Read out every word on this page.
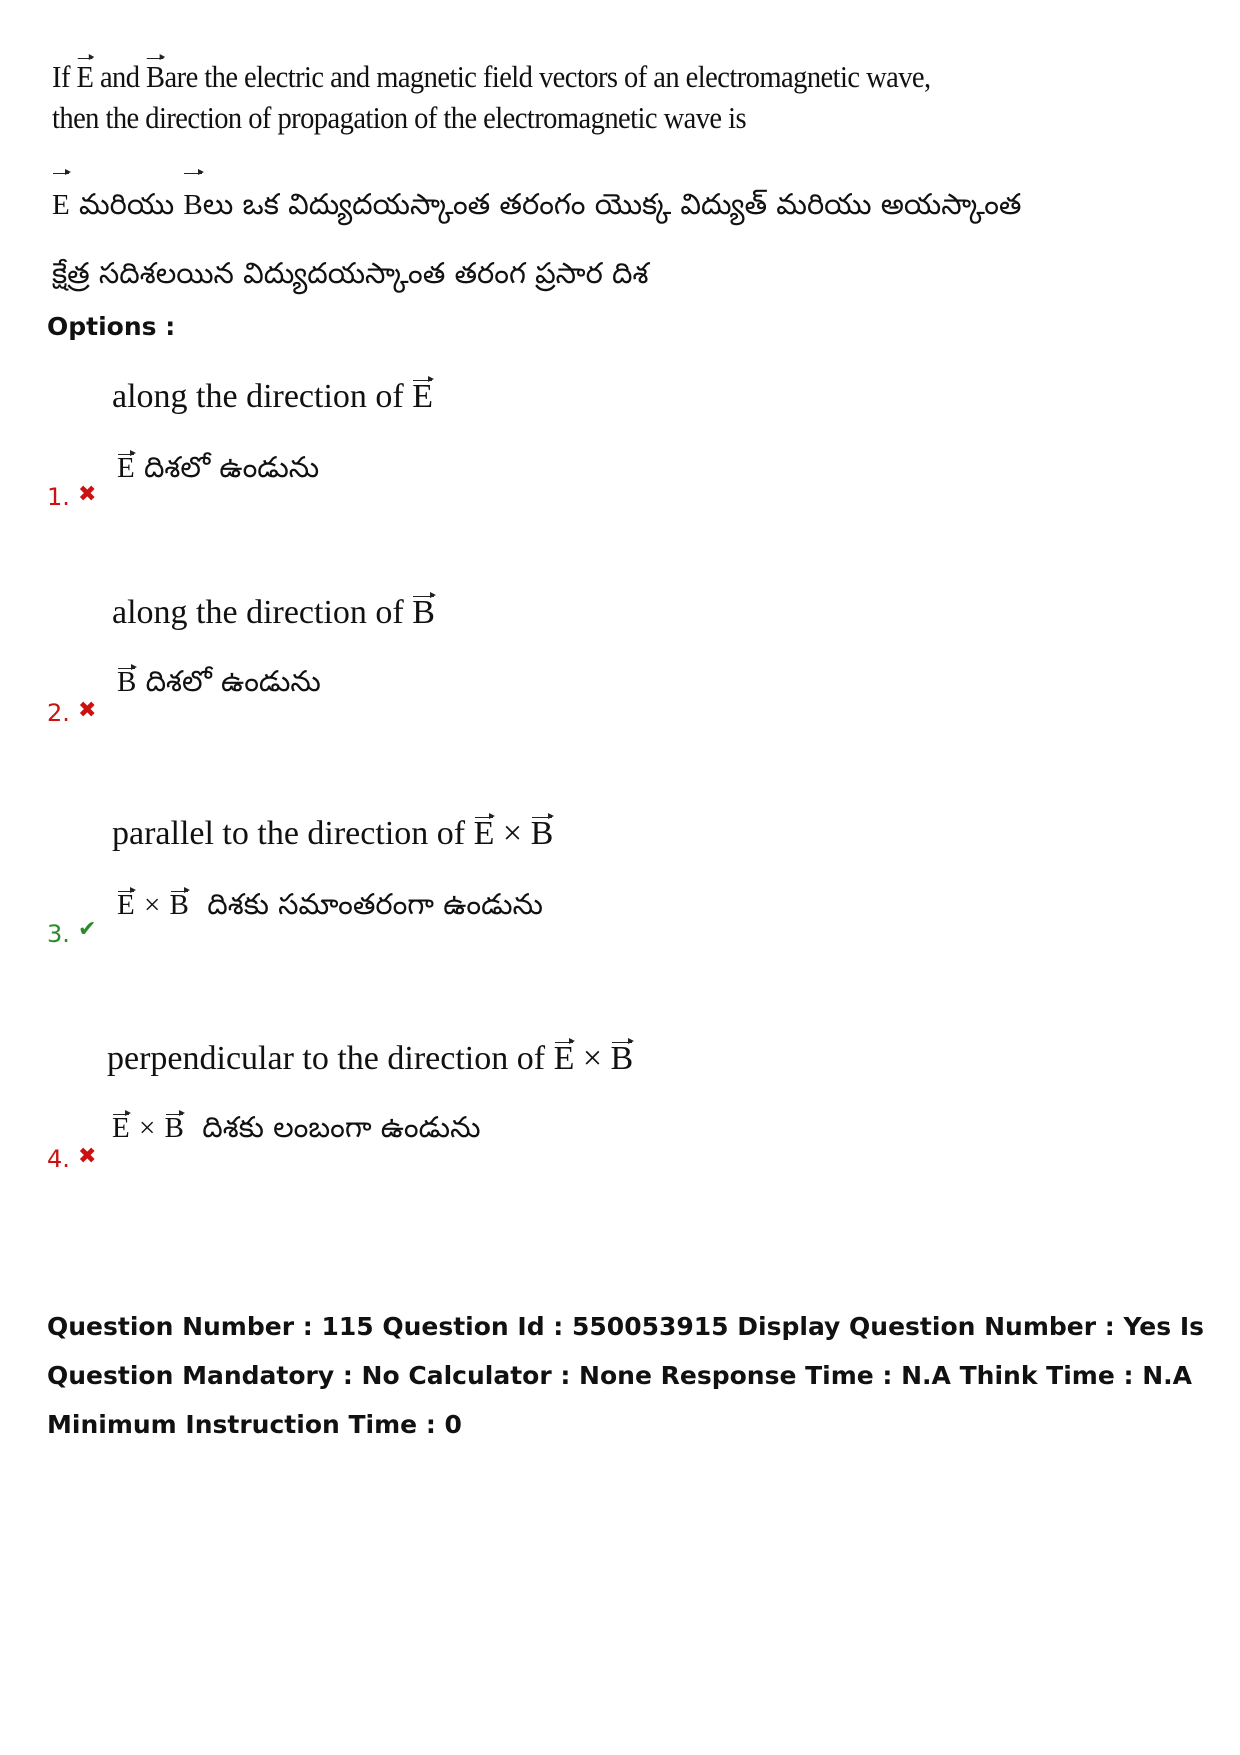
If E and Bare the electric and magnetic field vectors of an electromagnetic wave,
then the direction of propagation of the electromagnetic wave is
E మరియు Bలు ఒక విద్యుదయస్కాంత తరంగం యొక్క విద్యుత్ మరియు అయస్కాంత
క్షేత్ర సదిశలయిన విద్యుదయస్కాంత తరంగ ప్రసార దిశ
Options :
along the direction of E
E దిశలో ఉండును
1. ✖
along the direction of B
B దిశలో ఉండును
2. ✖
parallel to the direction of E × B
E × B దిశకు సమాంతరంగా ఉండును
3. ✔
perpendicular to the direction of E × B
E × B దిశకు లంబంగా ఉండును
4. ✖
Question Number : 115 Question Id : 550053915 Display Question Number : Yes Is Question Mandatory : No Calculator : None Response Time : N.A Think Time : N.A Minimum Instruction Time : 0
